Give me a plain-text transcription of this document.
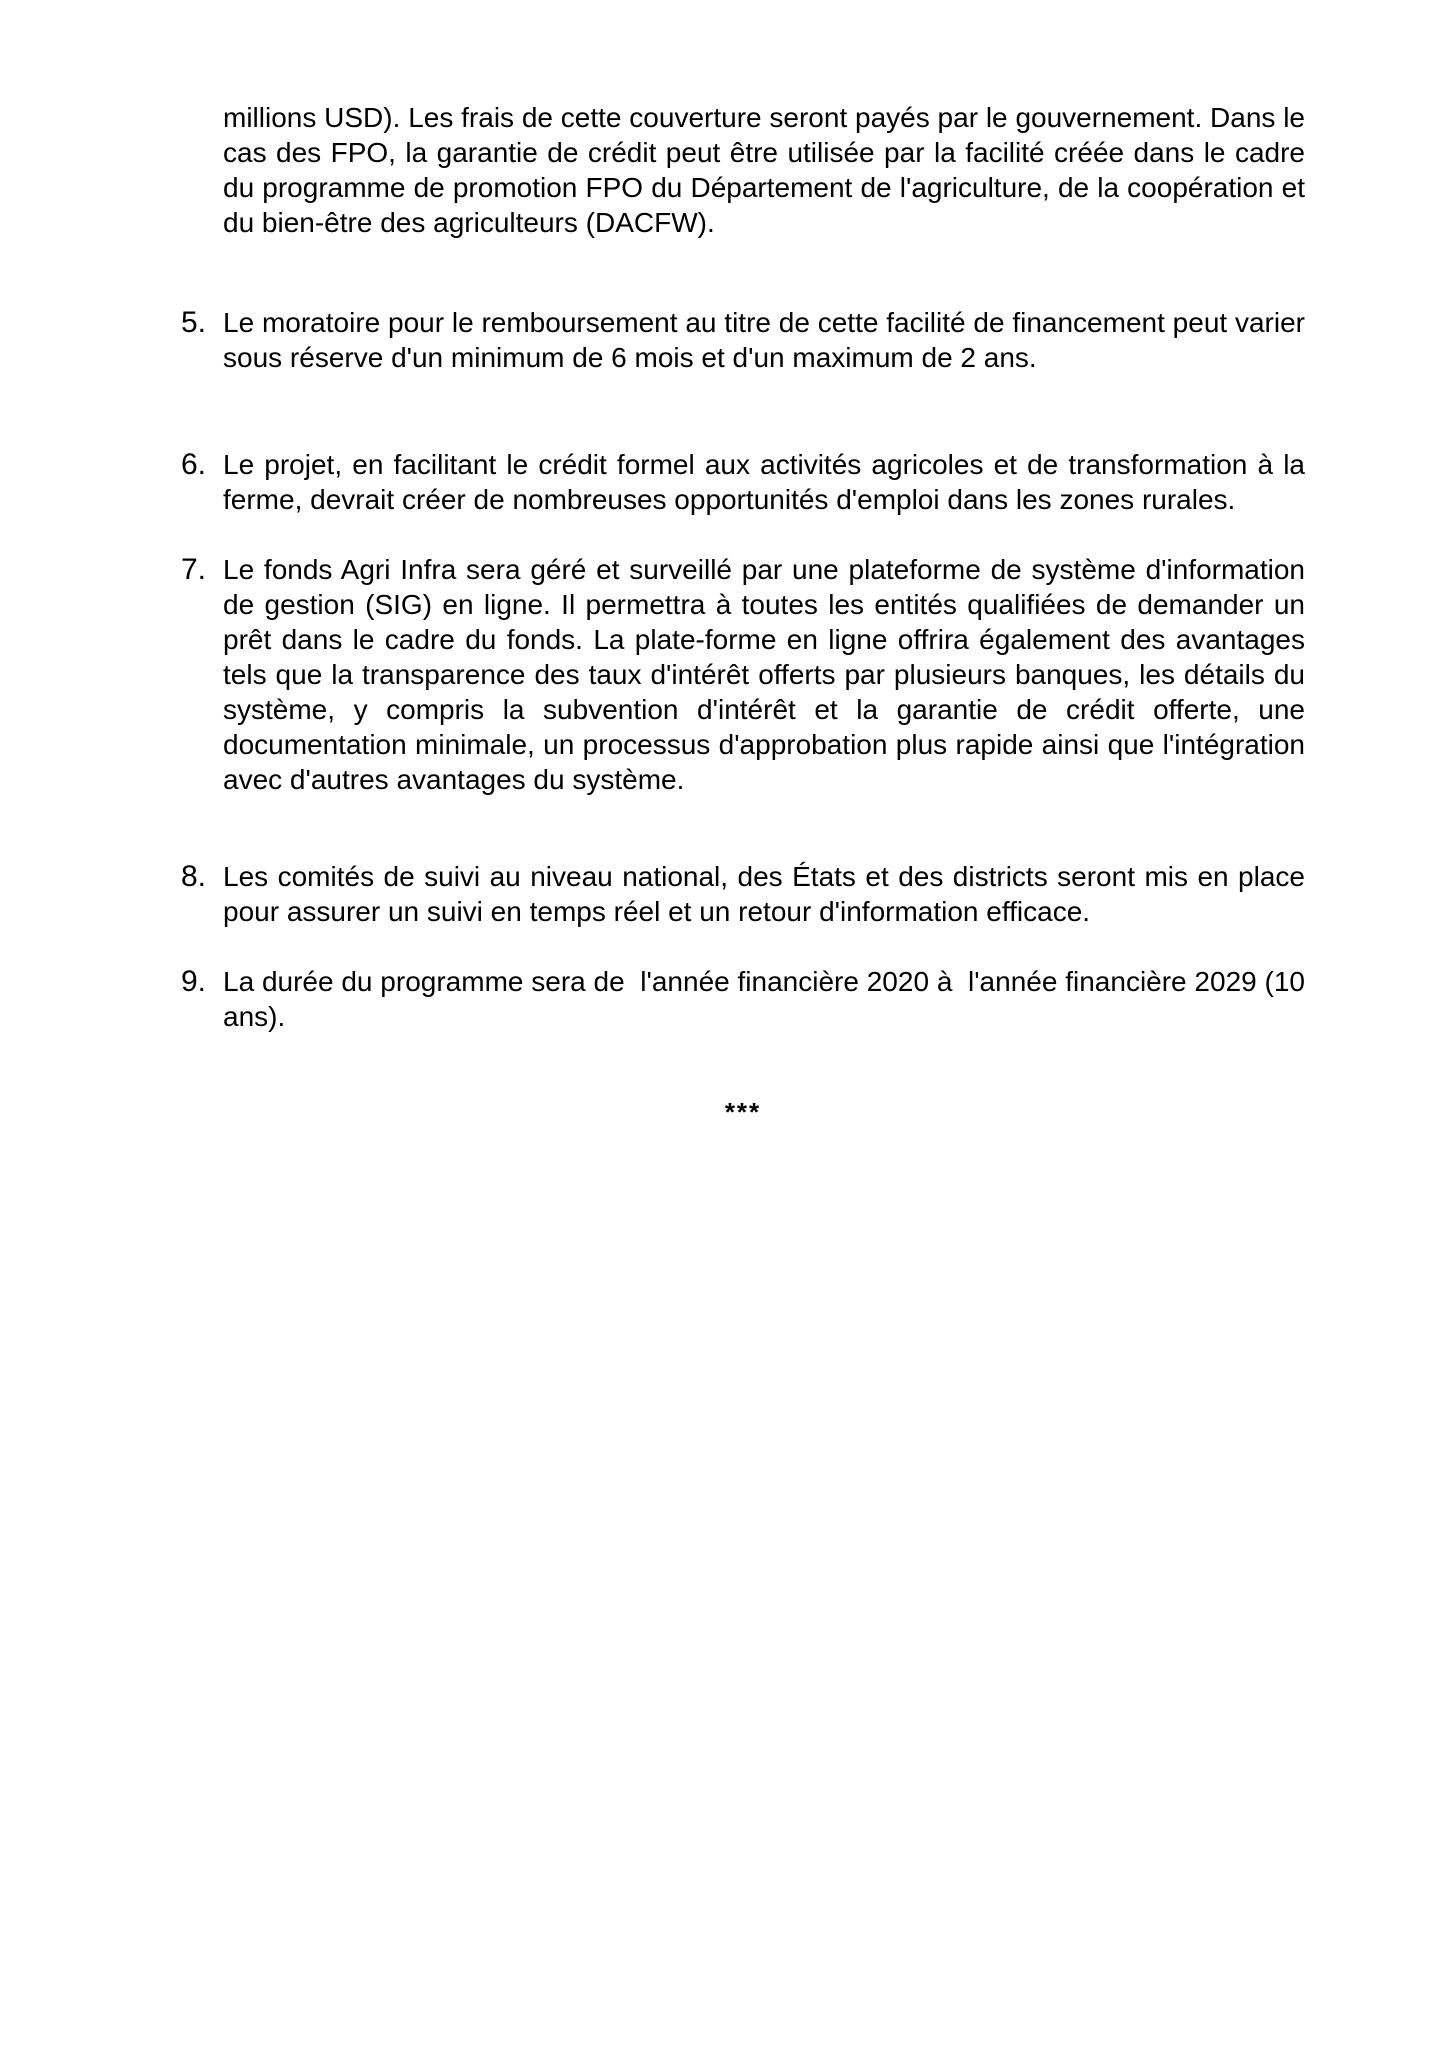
millions USD). Les frais de cette couverture seront payés par le gouvernement. Dans le cas des FPO, la garantie de crédit peut être utilisée par la facilité créée dans le cadre du programme de promotion FPO du Département de l'agriculture, de la coopération et du bien-être des agriculteurs (DACFW).

5. Le moratoire pour le remboursement au titre de cette facilité de financement peut varier sous réserve d'un minimum de 6 mois et d'un maximum de 2 ans.
6. Le projet, en facilitant le crédit formel aux activités agricoles et de transformation à la ferme, devrait créer de nombreuses opportunités d'emploi dans les zones rurales.
7. Le fonds Agri Infra sera géré et surveillé par une plateforme de système d'information de gestion (SIG) en ligne. Il permettra à toutes les entités qualifiées de demander un prêt dans le cadre du fonds. La plate-forme en ligne offrira également des avantages tels que la transparence des taux d'intérêt offerts par plusieurs banques, les détails du système, y compris la subvention d'intérêt et la garantie de crédit offerte, une documentation minimale, un processus d'approbation plus rapide ainsi que l'intégration avec d'autres avantages du système.
8. Les comités de suivi au niveau national, des États et des districts seront mis en place pour assurer un suivi en temps réel et un retour d'information efficace.
9. La durée du programme sera de  l'année financière 2020 à  l'année financière 2029 (10 ans).
***
